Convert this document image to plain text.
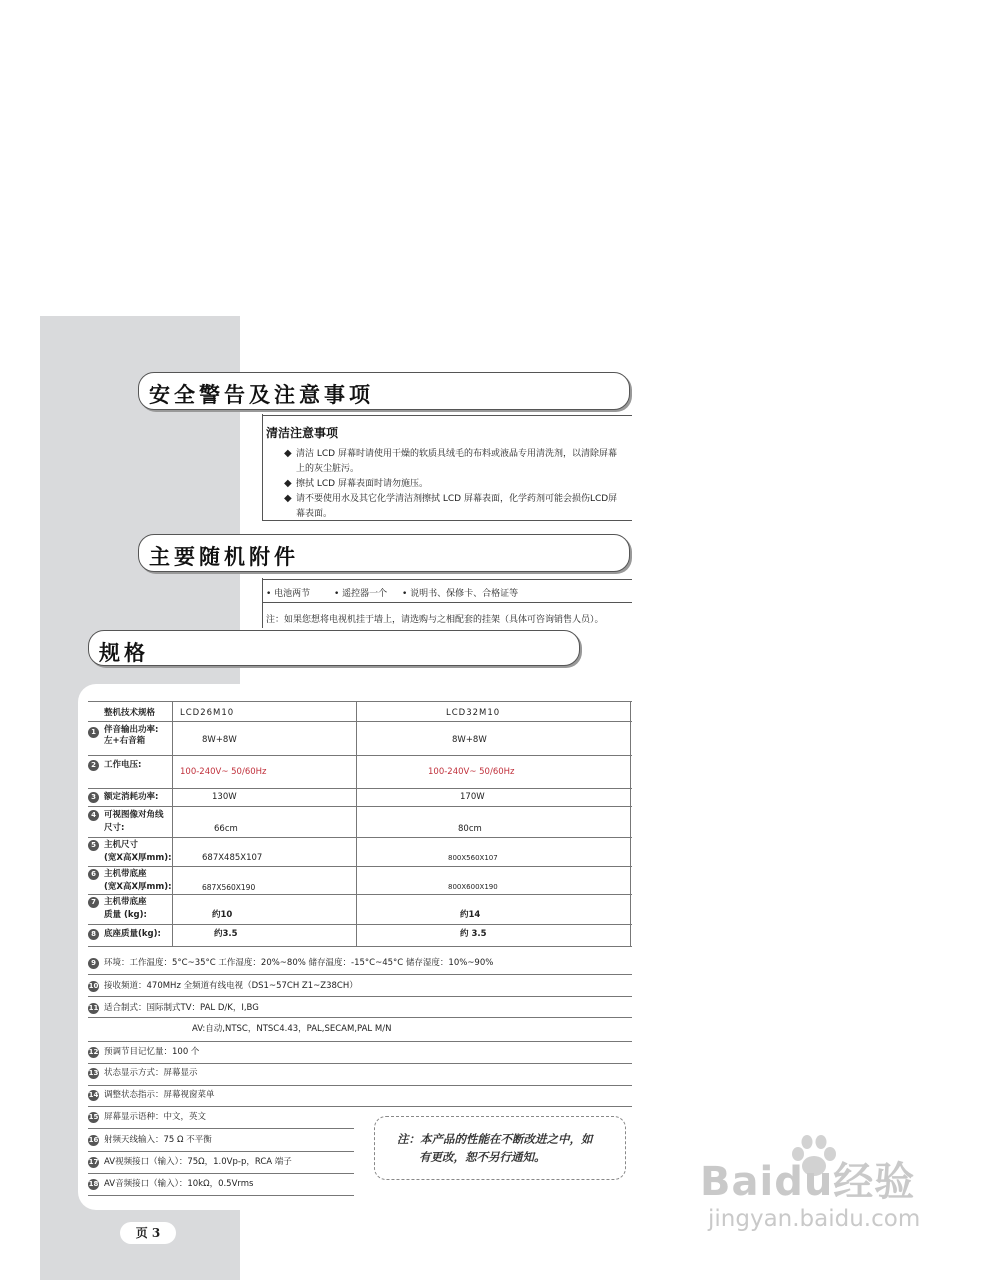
安全警告及注意事项
清洁注意事项
◆ 清洁 LCD 屏幕时请使用干燥的软质具绒毛的布料或液晶专用清洗剂，以清除屏幕
上的灰尘脏污。
◆ 擦拭 LCD 屏幕表面时请勿施压。
◆ 请不要使用水及其它化学清洁剂擦拭 LCD 屏幕表面，化学药剂可能会损伤LCD屏
幕表面。
主要随机附件
• 电池两节	• 遥控器一个 • 说明书、保修卡、合格证等
注：如果您想将电视机挂于墙上，请选购与之相配套的挂架（具体可咨询销售人员）。
规格
整机技术规格	LCD26M10	LCD32M10
1 伴音输出功率:
左+右音箱	8W+8W	8W+8W
2 工作电压:
100-240V~ 50/60Hz	100-240V~ 50/60Hz
3 额定消耗功率:	130W	170W
4 可视图像对角线
尺寸:	66cm	80cm
5 主机尺寸
(宽X高X厚mm):	687X485X107	800X560X107
6 主机带底座
(宽X高X厚mm):	687X560X190	800X600X190
7 主机带底座
质量 (kg):	约10	约14
8 底座质量(kg):	约3.5	约 3.5
9 环境：工作温度：5°C~35°C 工作湿度：20%~80% 储存温度：-15°C~45°C 储存湿度：10%~90%
10 接收频道：470MHz 全频道有线电视（DS1~57CH Z1~Z38CH）
11 适合制式：国际制式TV：PAL D/K，I,BG
AV:自动,NTSC，NTSC4.43，PAL,SECAM,PAL M/N
12 预调节目记忆量：100 个
13 状态显示方式：屏幕显示
14 调整状态指示：屏幕视窗菜单
15 屏幕显示语种：中文，英文
16 射频天线输入：75 Ω 不平衡
17 AV视频接口（输入）：75Ω，1.0Vp-p，RCA 端子
18 AV音频接口（输入）：10kΩ，0.5Vrms
注：本产品的性能在不断改进之中，如
有更改，恕不另行通知。
页 3
Baidu经验
jingyan.baidu.com
